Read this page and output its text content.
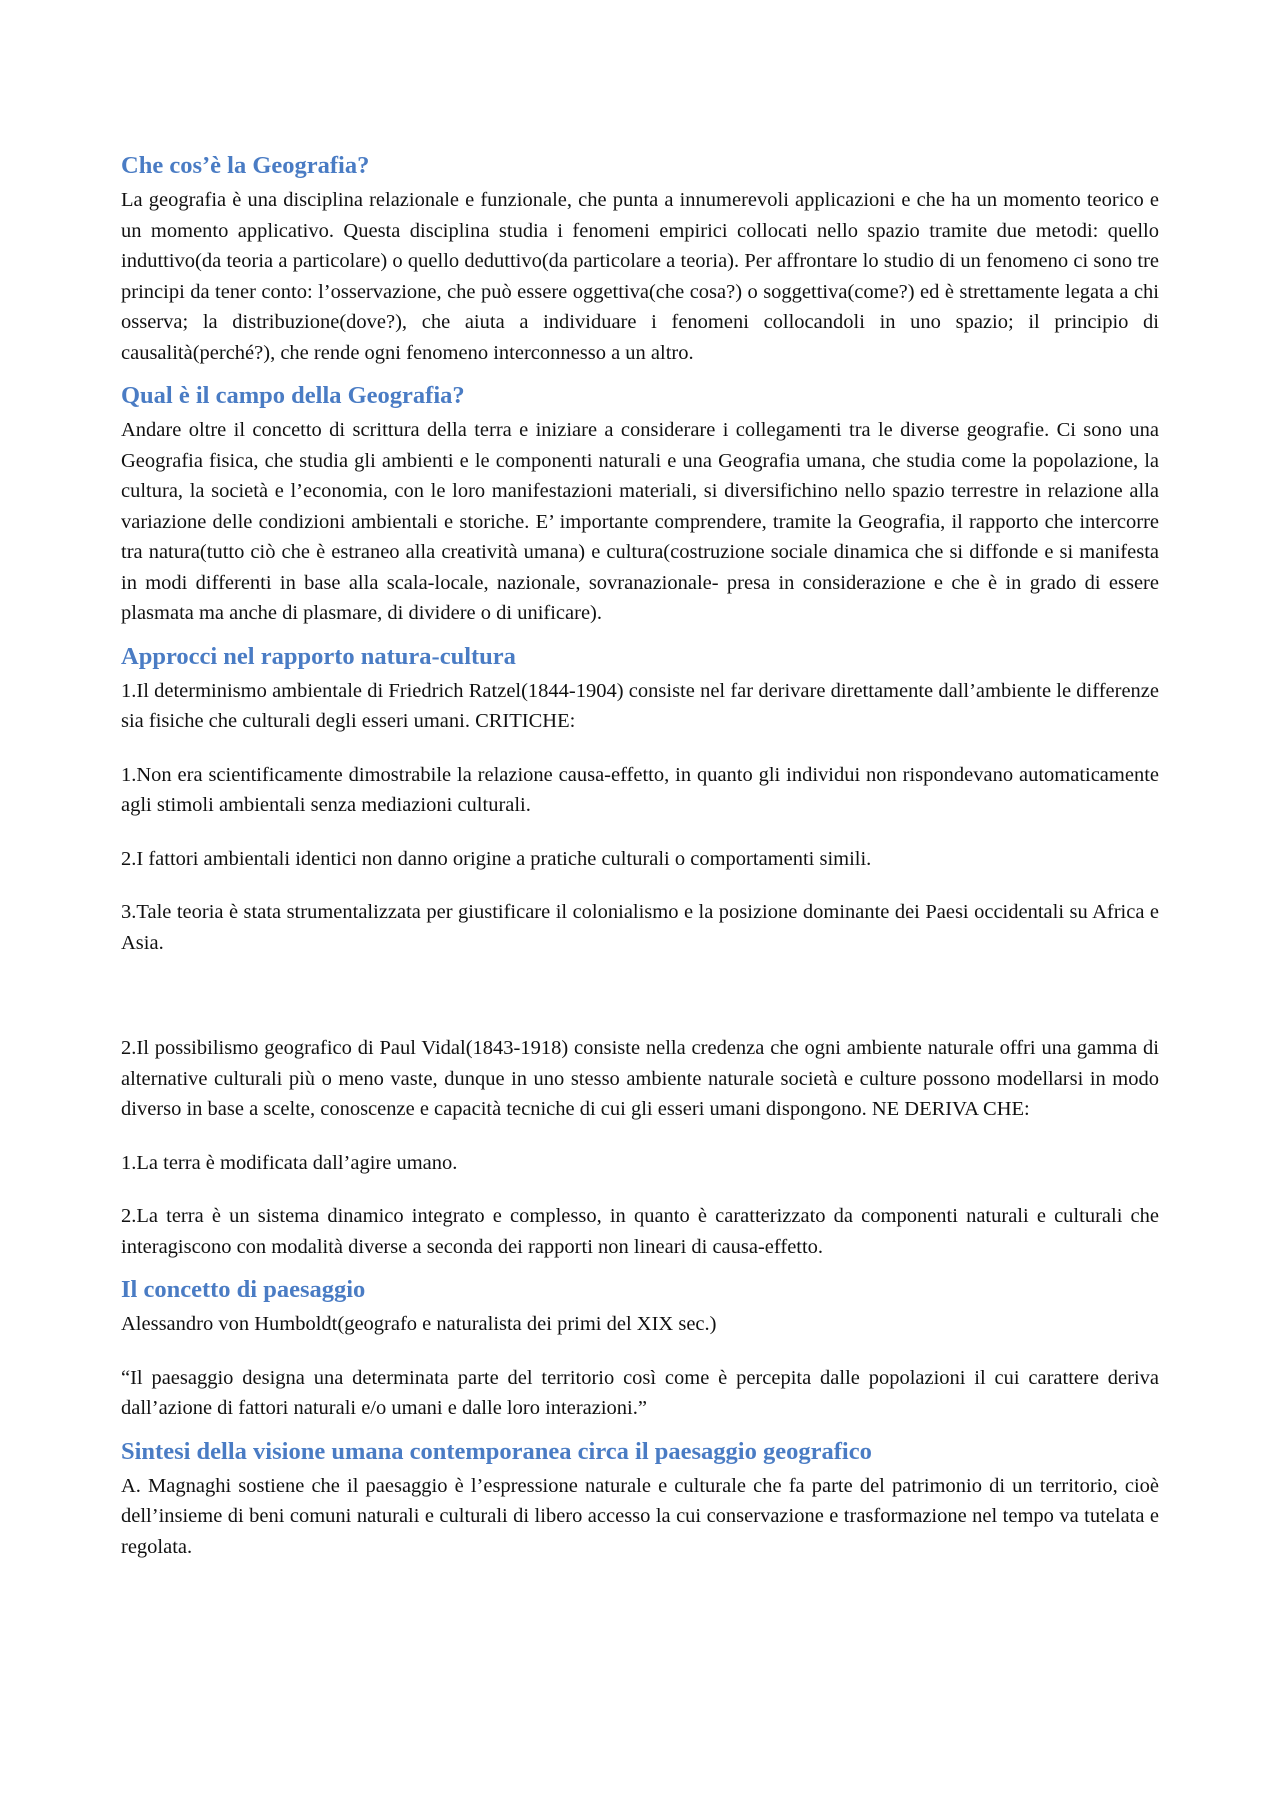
Che cos’è la Geografia?

La geografia è una disciplina relazionale e funzionale, che punta a innumerevoli applicazioni e che ha un momento teorico e un momento applicativo. Questa disciplina studia i fenomeni empirici collocati nello spazio tramite due metodi: quello induttivo(da teoria a particolare) o quello deduttivo(da particolare a teoria). Per affrontare lo studio di un fenomeno ci sono tre principi da tener conto: l’osservazione, che può essere oggettiva(che cosa?) o soggettiva(come?) ed è strettamente legata a chi osserva; la distribuzione(dove?), che aiuta a individuare i fenomeni collocandoli in uno spazio; il principio di causalità(perché?), che rende ogni fenomeno interconnesso a un altro.

Qual è il campo della Geografia?

Andare oltre il concetto di scrittura della terra e iniziare a considerare i collegamenti tra le diverse geografie. Ci sono una Geografia fisica, che studia gli ambienti e le componenti naturali e una Geografia umana, che studia come la popolazione, la cultura, la società e l’economia, con le loro manifestazioni materiali, si diversifichino nello spazio terrestre in relazione alla variazione delle condizioni ambientali e storiche. E’ importante comprendere, tramite la Geografia, il rapporto che intercorre tra natura(tutto ciò che è estraneo alla creatività umana) e cultura(costruzione sociale dinamica che si diffonde e si manifesta in modi differenti in base alla scala-locale, nazionale, sovranazionale- presa in considerazione e che è in grado di essere plasmata ma anche di plasmare, di dividere o di unificare).

Approcci nel rapporto natura-cultura

1.Il determinismo ambientale di Friedrich Ratzel(1844-1904) consiste nel far derivare direttamente dall’ambiente le differenze sia fisiche che culturali degli esseri umani. CRITICHE:

1.Non era scientificamente dimostrabile la relazione causa-effetto, in quanto gli individui non rispondevano automaticamente agli stimoli ambientali senza mediazioni culturali.

2.I fattori ambientali identici non danno origine a pratiche culturali o comportamenti simili.

3.Tale teoria è stata strumentalizzata per giustificare il colonialismo e la posizione dominante dei Paesi occidentali su Africa e Asia.

2.Il possibilismo geografico di Paul Vidal(1843-1918) consiste nella credenza che ogni ambiente naturale offri una gamma di alternative culturali più o meno vaste, dunque in uno stesso ambiente naturale società e culture possono modellarsi in modo diverso in base a scelte, conoscenze e capacità tecniche di cui gli esseri umani dispongono. NE DERIVA CHE:

1.La terra è modificata dall’agire umano.

2.La terra è un sistema dinamico integrato e complesso, in quanto è caratterizzato da componenti naturali e culturali che interagiscono con modalità diverse a seconda dei rapporti non lineari di causa-effetto.

Il concetto di paesaggio

Alessandro von Humboldt(geografo e naturalista dei primi del XIX sec.)

“Il paesaggio designa una determinata parte del territorio così come è percepita dalle popolazioni il cui carattere deriva dall’azione di fattori naturali e/o umani e dalle loro interazioni.”

Sintesi della visione umana contemporanea circa il paesaggio geografico

A. Magnaghi sostiene che il paesaggio è l’espressione naturale e culturale che fa parte del patrimonio di un territorio, cioè dell’insieme di beni comuni naturali e culturali di libero accesso la cui conservazione e trasformazione nel tempo va tutelata e regolata.
